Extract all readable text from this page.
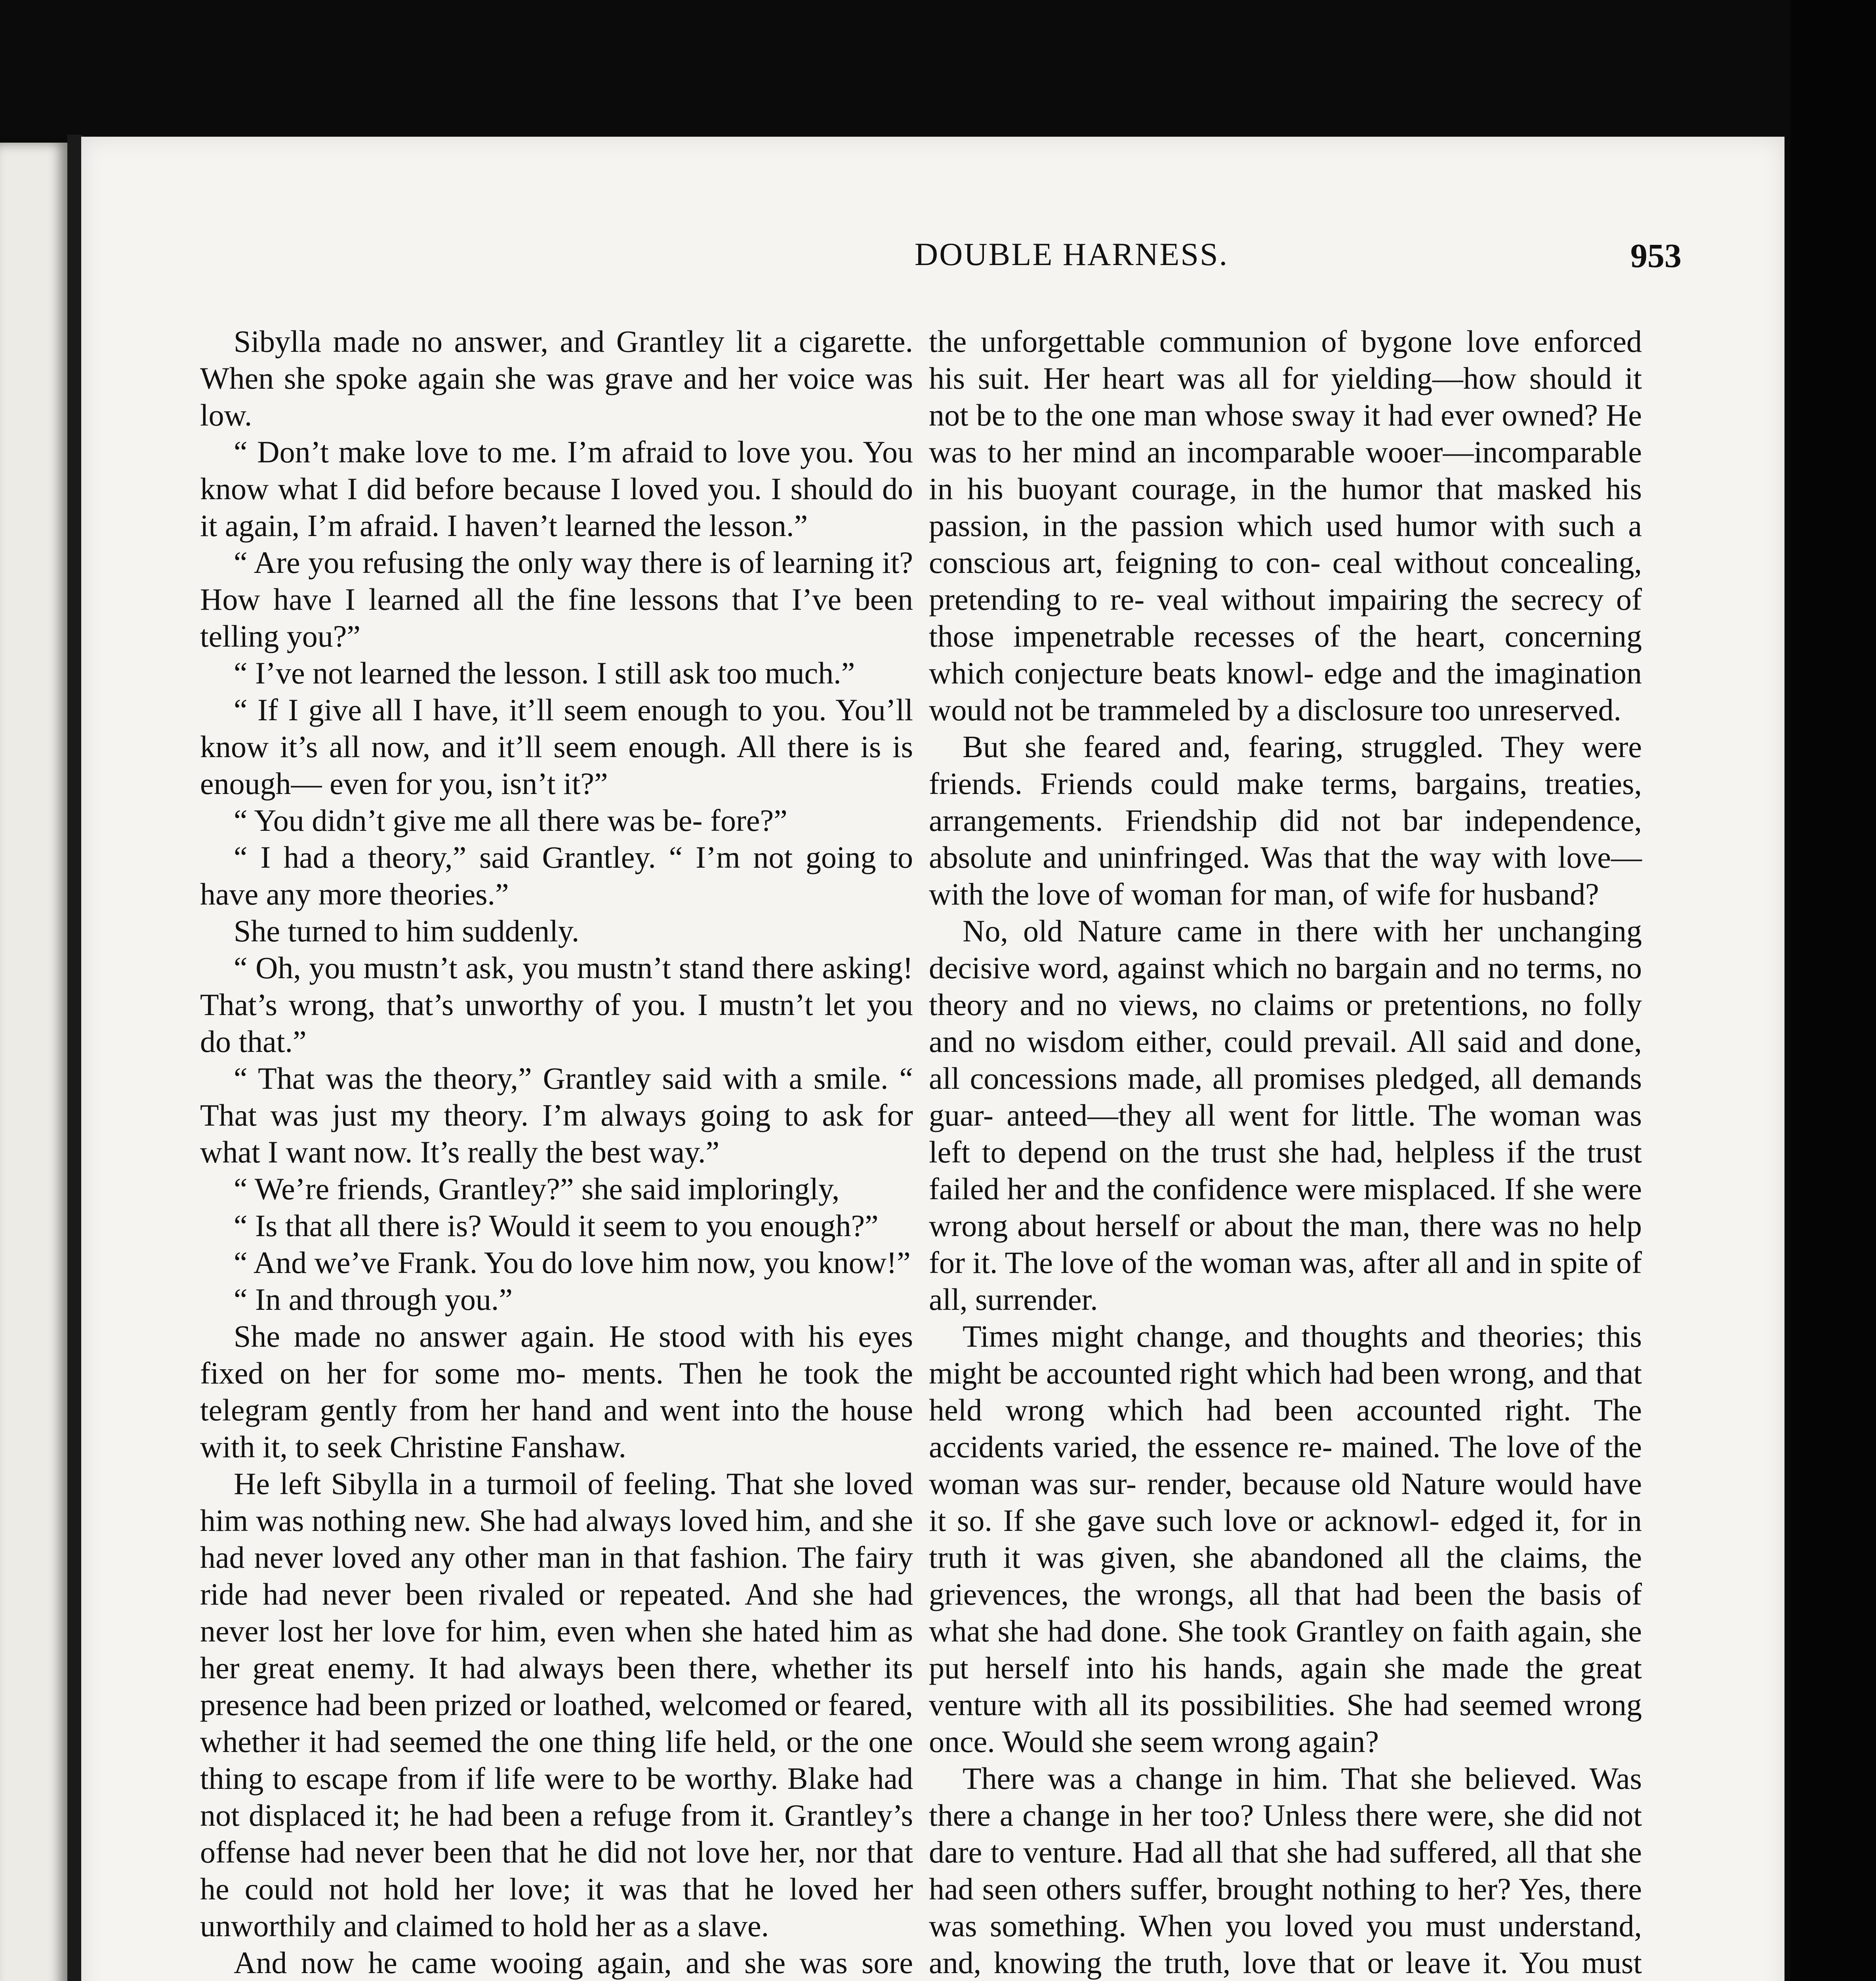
DOUBLE HARNESS.	953

Sibylla made no answer, and Grantley lit a cigarette. When she spoke again she was grave and her voice was low.

“ Don’t make love to me. I’m afraid to love you. You know what I did before because I loved you. I should do it again, I’m afraid. I haven’t learned the lesson.”

“ Are you refusing the only way there is of learning it? How have I learned all the fine lessons that I’ve been telling you?”

“ I’ve not learned the lesson. I still ask too much.”

“ If I give all I have, it’ll seem enough to you. You’ll know it’s all now, and it’ll seem enough. All there is is enough— even for you, isn’t it?”

“ You didn’t give me all there was be- fore?”

“ I had a theory,” said Grantley. “ I’m not going to have any more theories.”

She turned to him suddenly.

“ Oh, you mustn’t ask, you mustn’t stand there asking! That’s wrong, that’s unworthy of you. I mustn’t let you do that.”

“ That was the theory,” Grantley said with a smile. “ That was just my theory. I’m always going to ask for what I want now. It’s really the best way.”

“ We’re friends, Grantley?” she said imploringly,

“ Is that all there is? Would it seem to you enough?”

“ And we’ve Frank. You do love him now, you know!”

“ In and through you.”

She made no answer again. He stood with his eyes fixed on her for some mo- ments. Then he took the telegram gently from her hand and went into the house with it, to seek Christine Fanshaw.

He left Sibylla in a turmoil of feeling. That she loved him was nothing new. She had always loved him, and she had never loved any other man in that fashion. The fairy ride had never been rivaled or repeated. And she had never lost her love for him, even when she hated him as her great enemy. It had always been there, whether its presence had been prized or loathed, welcomed or feared, whether it had seemed the one thing life held, or the one thing to escape from if life were to be worthy. Blake had not displaced it; he had been a refuge from it. Grantley’s offense had never been that he did not love her, nor that he could not hold her love; it was that he loved her unworthily and claimed to hold her as a slave.

And now he came wooing again, and she was sore

the unforgettable communion of bygone love enforced his suit. Her heart was all for yielding—how should it not be to the one man whose sway it had ever owned? He was to her mind an incomparable wooer—incomparable in his buoyant courage, in the humor that masked his passion, in the passion which used humor with such a conscious art, feigning to con- ceal without concealing, pretending to re- veal without impairing the secrecy of those impenetrable recesses of the heart, concerning which conjecture beats knowl- edge and the imagination would not be trammeled by a disclosure too unreserved.

But she feared and, fearing, struggled. They were friends. Friends could make terms, bargains, treaties, arrangements. Friendship did not bar independence, absolute and uninfringed. Was that the way with love—with the love of woman for man, of wife for husband?

No, old Nature came in there with her unchanging decisive word, against which no bargain and no terms, no theory and no views, no claims or pretentions, no folly and no wisdom either, could prevail. All said and done, all concessions made, all promises pledged, all demands guar- anteed—they all went for little. The woman was left to depend on the trust she had, helpless if the trust failed her and the confidence were misplaced. If she were wrong about herself or about the man, there was no help for it. The love of the woman was, after all and in spite of all, surrender.

Times might change, and thoughts and theories; this might be accounted right which had been wrong, and that held wrong which had been accounted right. The accidents varied, the essence re- mained. The love of the woman was sur- render, because old Nature would have it so. If she gave such love or acknowl- edged it, for in truth it was given, she abandoned all the claims, the grievences, the wrongs, all that had been the basis of what she had done. She took Grantley on faith again, she put herself into his hands, again she made the great venture with all its possibilities. She had seemed wrong once. Would she seem wrong again?

There was a change in him. That she believed. Was there a change in her too? Unless there were, she did not dare to venture. Had all that she had suffered, all that she had seen others suffer, brought nothing to her? Yes, there was something. When you loved you must understand, and, knowing the truth, love that or leave it. You must
